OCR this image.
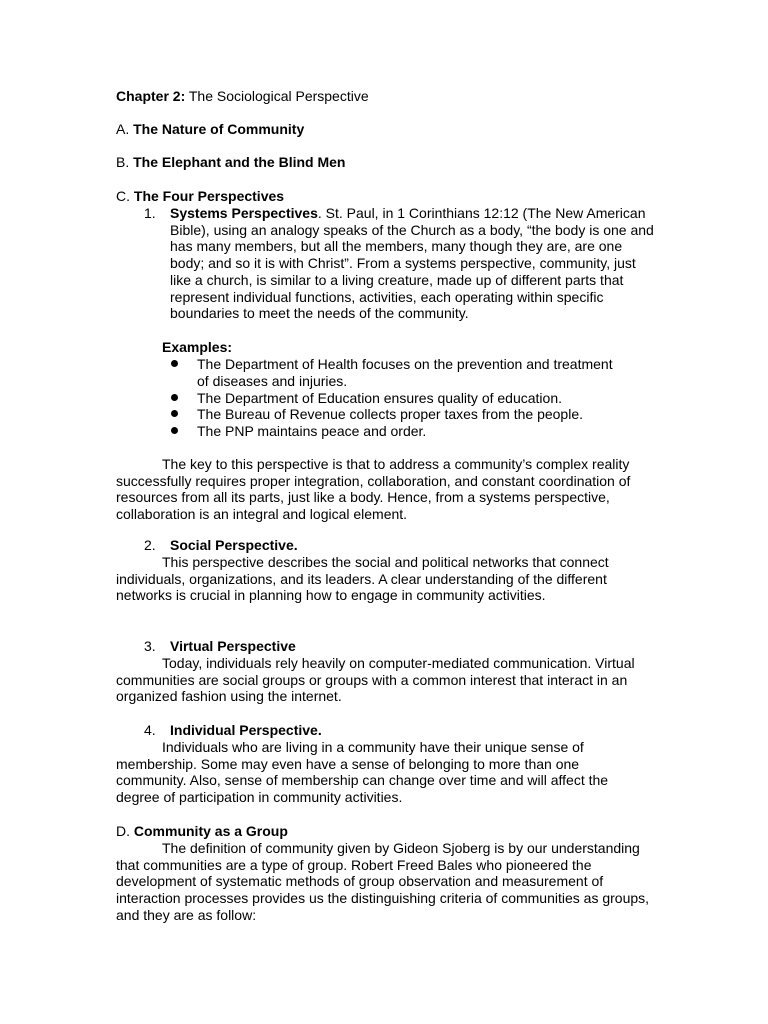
Chapter 2: The Sociological Perspective

A. The Nature of Community

B. The Elephant and the Blind Men

C. The Four Perspectives

1. Systems Perspectives. St. Paul, in 1 Corinthians 12:12 (The New American Bible), using an analogy speaks of the Church as a body, “the body is one and has many members, but all the members, many though they are, are one body; and so it is with Christ”. From a systems perspective, community, just like a church, is similar to a living creature, made up of different parts that represent individual functions, activities, each operating within specific boundaries to meet the needs of the community.

Examples:

The Department of Health focuses on the prevention and treatment of diseases and injuries.

The Department of Education ensures quality of education.

The Bureau of Revenue collects proper taxes from the people.

The PNP maintains peace and order.

The key to this perspective is that to address a community’s complex reality successfully requires proper integration, collaboration, and constant coordination of resources from all its parts, just like a body. Hence, from a systems perspective, collaboration is an integral and logical element.

2. Social Perspective.

This perspective describes the social and political networks that connect individuals, organizations, and its leaders. A clear understanding of the different networks is crucial in planning how to engage in community activities.

3. Virtual Perspective

Today, individuals rely heavily on computer-mediated communication. Virtual communities are social groups or groups with a common interest that interact in an organized fashion using the internet.

4. Individual Perspective.

Individuals who are living in a community have their unique sense of membership. Some may even have a sense of belonging to more than one community. Also, sense of membership can change over time and will affect the degree of participation in community activities.

D. Community as a Group

The definition of community given by Gideon Sjoberg is by our understanding that communities are a type of group. Robert Freed Bales who pioneered the development of systematic methods of group observation and measurement of interaction processes provides us the distinguishing criteria of communities as groups, and they are as follow:
